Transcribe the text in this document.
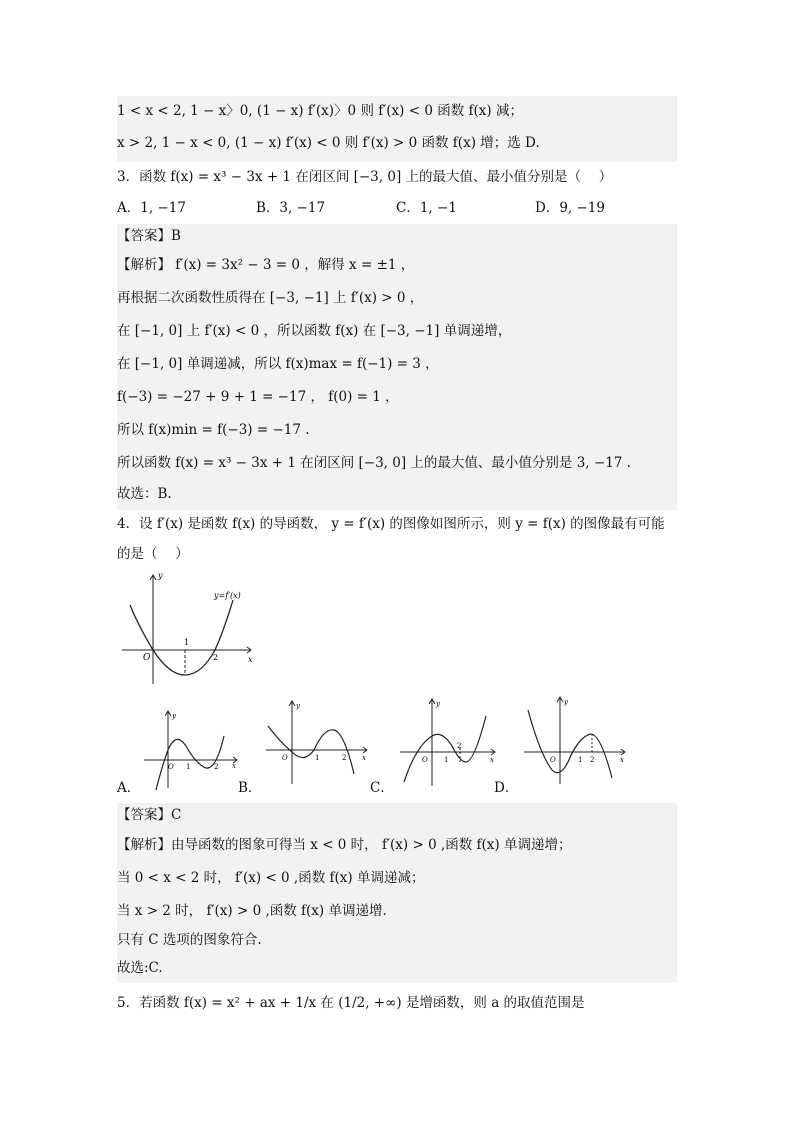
1 < x < 2, 1 − x〉0, (1 − x) f′(x)〉0 则 f′(x) < 0 函数 f(x) 减；
x > 2, 1 − x < 0, (1 − x) f′(x) < 0 则 f′(x) > 0 函数 f(x) 增；选 D.
3．函数 f(x) = x³ − 3x + 1 在闭区间 [−3, 0] 上的最大值、最小值分别是（　 ）
A．1, −17	B．3, −17	C．1, −1	D．9, −19
【答案】B
【解析】 f′(x) = 3x² − 3 = 0 ，解得 x = ±1 ，
再根据二次函数性质得在 [−3, −1] 上 f′(x) > 0 ，
在 [−1, 0] 上 f′(x) < 0 ，所以函数 f(x) 在 [−3, −1] 单调递增，
在 [−1, 0] 单调递减，所以 f(x)max = f(−1) = 3 ，
f(−3) = −27 + 9 + 1 = −17 ， f(0) = 1 ，
所以 f(x)min = f(−3) = −17 .
所以函数 f(x) = x³ − 3x + 1 在闭区间 [−3, 0] 上的最大值、最小值分别是 3, −17 .
故选：B.
4．设 f′(x) 是函数 f(x) 的导函数， y = f′(x) 的图像如图所示，则 y = f(x) 的图像最有可能
的是（　 ）
y
x
O
1
2
y=f′(x)
y
x
O 1	2
A．
y
x
O	1	2
B．
y
x
O 1
2
C．
y
x
O	1 2
D．
【答案】C
【解析】由导函数的图象可得当 x < 0 时， f′(x) > 0 ,函数 f(x) 单调递增；
当 0 < x < 2 时， f′(x) < 0 ,函数 f(x) 单调递减；
当 x > 2 时， f′(x) > 0 ,函数 f(x) 单调递增.
只有 C 选项的图象符合.
故选:C.
5．若函数 f(x) = x² + ax + 1/x 在 (1/2, +∞) 是增函数，则 a 的取值范围是
